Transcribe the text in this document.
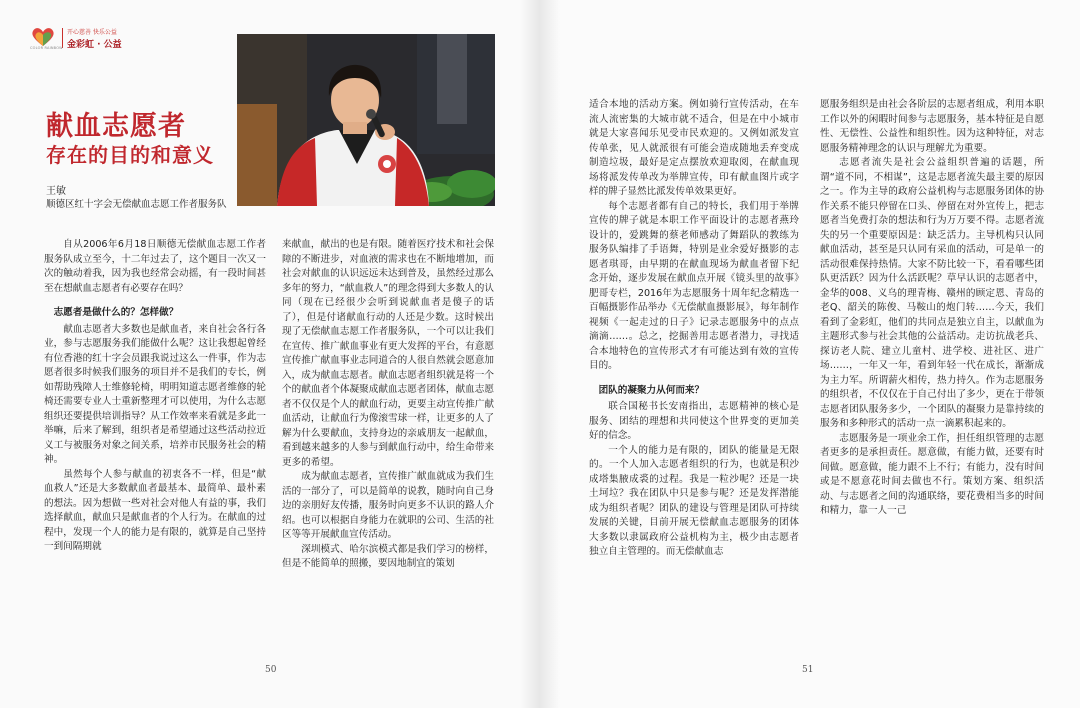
开心慈善 快乐公益
金彩虹 · 公益
COLOR RAINBOW
献血志愿者
存在的目的和意义
王敏
顺德区红十字会无偿献血志愿工作者服务队

自从2006年6月18日顺德无偿献血志愿工作者服务队成立至今，十二年过去了，这个题目一次又一次的触动着我，因为我也经常会动摇，有一段时间甚至在想献血志愿者有必要存在吗？

志愿者是做什么的？怎样做？

献血志愿者大多数也是献血者，来自社会各行各业，参与志愿服务我们能做什么呢？这让我想起曾经有位香港的红十字会员跟我说过这么一件事，作为志愿者很多时候我们服务的项目并不是我们的专长，例如帮助残障人士维修轮椅，明明知道志愿者维修的轮椅还需要专业人士重新整理才可以使用，为什么志愿组织还要提供培训指导？从工作效率来看就是多此一举嘛，后来了解到，组织者是希望通过这些活动拉近义工与被服务对象之间关系，培养市民服务社会的精神。

虽然每个人参与献血的初衷各不一样，但是“献血救人”还是大多数献血者最基本、最简单、最朴素的想法。因为想做一些对社会对他人有益的事，我们选择献血，献血只是献血者的个人行为。在献血的过程中，发现一个人的能力是有限的，就算是自己坚持一到间隔期就

来献血，献出的也是有限。随着医疗技术和社会保障的不断进步，对血液的需求也在不断地增加，而社会对献血的认识远远未达到普及，虽然经过那么多年的努力，“献血救人”的理念得到大多数人的认同（现在已经很少会听到说献血者是傻子的话了），但是付诸献血行动的人还是少数。这时候出现了无偿献血志愿工作者服务队，一个可以让我们在宣传、推广献血事业有更大发挥的平台，有意愿宣传推广献血事业志同道合的人很自然就会愿意加入，成为献血志愿者。献血志愿者组织就是将一个个的献血者个体凝聚成献血志愿者团体，献血志愿者不仅仅是个人的献血行动，更要主动宣传推广献血活动，让献血行为像滚雪球一样，让更多的人了解为什么要献血，支持身边的亲戚朋友一起献血，看到越来越多的人参与到献血行动中，给生命带来更多的希望。

成为献血志愿者，宣传推广献血就成为我们生活的一部分了，可以是简单的说教，随时向自己身边的亲朋好友传播，服务时向更多不认识的路人介绍。也可以根据自身能力在就职的公司、生活的社区等等开展献血宣传活动。

深圳模式、哈尔滨模式都是我们学习的榜样，但是不能简单的照搬，要因地制宜的策划

50	51

适合本地的活动方案。例如骑行宣传活动，在车流人流密集的大城市就不适合，但是在中小城市就是大家喜闻乐见受市民欢迎的。又例如派发宣传单张，见人就派很有可能会造成随地丢弃变成制造垃圾，最好是定点摆放欢迎取阅，在献血现场将派发传单改为举牌宣传，印有献血图片或字样的牌子显然比派发传单效果更好。

每个志愿者都有自己的特长，我们用于举牌宣传的牌子就是本职工作平面设计的志愿者燕玲设计的，爱跳舞的蔡老师感动了舞蹈队的教练为服务队编排了手语舞，特别是业余爱好摄影的志愿者琪哥，由早期的在献血现场为献血者留下纪念开始，逐步发展在献血点开展《镜头里的故事》肥哥专栏，2016年为志愿服务十周年纪念精选一百幅摄影作品举办《无偿献血摄影展》，每年制作视频《一起走过的日子》记录志愿服务中的点点滴滴……。总之，挖掘善用志愿者潜力，寻找适合本地特色的宣传形式才有可能达到有效的宣传目的。

团队的凝聚力从何而来？

联合国秘书长安南指出，志愿精神的核心是服务、团结的理想和共同使这个世界变的更加美好的信念。

一个人的能力是有限的，团队的能量是无限的。一个人加入志愿者组织的行为，也就是积沙成塔集腋成裘的过程。我是一粒沙呢？还是一块土坷垃？我在团队中只是参与呢？还是发挥潜能成为组织者呢？团队的建设与管理是团队可持续发展的关键，目前开展无偿献血志愿服务的团体大多数以隶属政府公益机构为主，极少由志愿者独立自主管理的。而无偿献血志

愿服务组织是由社会各阶层的志愿者组成，利用本职工作以外的闲暇时间参与志愿服务，基本特征是自愿性、无偿性、公益性和组织性。因为这种特征，对志愿服务精神理念的认识与理解尤为重要。

志愿者流失是社会公益组织普遍的话题，所谓“道不同，不相谋”，这是志愿者流失最主要的原因之一。作为主导的政府公益机构与志愿服务团体的协作关系不能只停留在口头、停留在对外宣传上，把志愿者当免费打杂的想法和行为万万要不得。志愿者流失的另一个重要原因是：缺乏活力。主导机构只认同献血活动，甚至是只认同有采血的活动，可是单一的活动很难保持热情。大家不防比较一下，看看哪些团队更活跃？因为什么活跃呢？草早认识的志愿者中，金华的008、义乌的理青梅、赣州的顾定恩、青岛的老Q、韶关的陈俊、马鞍山的炮门转……今天，我们看到了金彩虹，他们的共同点是独立自主，以献血为主题形式参与社会其他的公益活动。走访抗战老兵、探访老人院、建立儿童村、进学校、进社区、进广场……，一年又一年，看到年轻一代在成长，渐渐成为主力军。所谓薪火相传，热力持久。作为志愿服务的组织者，不仅仅在于自己付出了多少，更在于带领志愿者团队服务多少，一个团队的凝聚力是靠持续的服务和多种形式的活动一点一滴累积起来的。

志愿服务是一项业余工作，担任组织管理的志愿者更多的是承担责任。愿意做，有能力做，还要有时间做。愿意做，能力跟不上不行；有能力，没有时间或是不愿意花时间去做也不行。策划方案、组织活动、与志愿者之间的沟通联络，要花费相当多的时间和精力，靠一人一己
